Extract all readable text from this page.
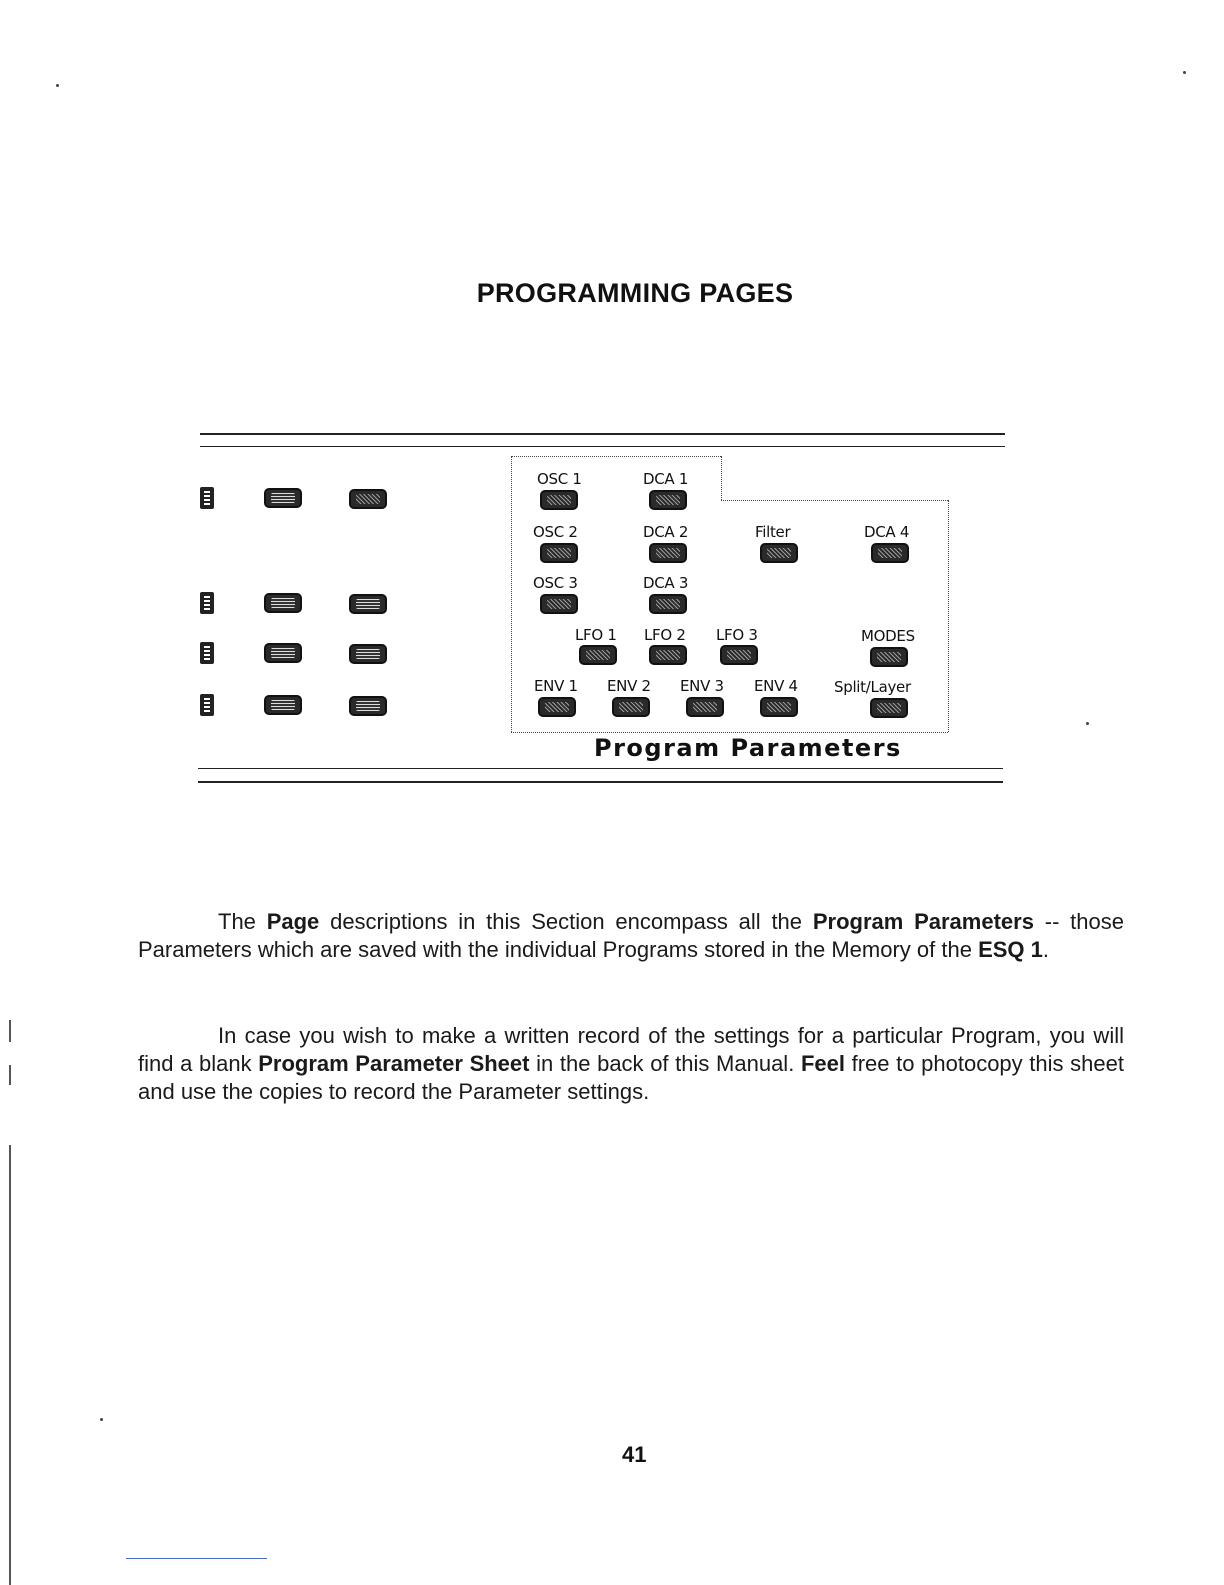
PROGRAMMING PAGES
OSC 1	DCA 1
OSC 2	DCA 2	Filter	DCA 4
OSC 3	DCA 3
LFO 1 LFO 2 LFO 3	MODES
ENV 1 ENV 2 ENV 3 ENV 4 Split/Layer
Program Parameters
The Page descriptions in this Section encompass all the Program Parameters -- those Parameters which are saved with the individual Programs stored in the Memory of the ESQ 1.
In case you wish to make a written record of the settings for a particular Program, you will find a blank Program Parameter Sheet in the back of this Manual. Feel free to photocopy this sheet and use the copies to record the Parameter settings.
41
